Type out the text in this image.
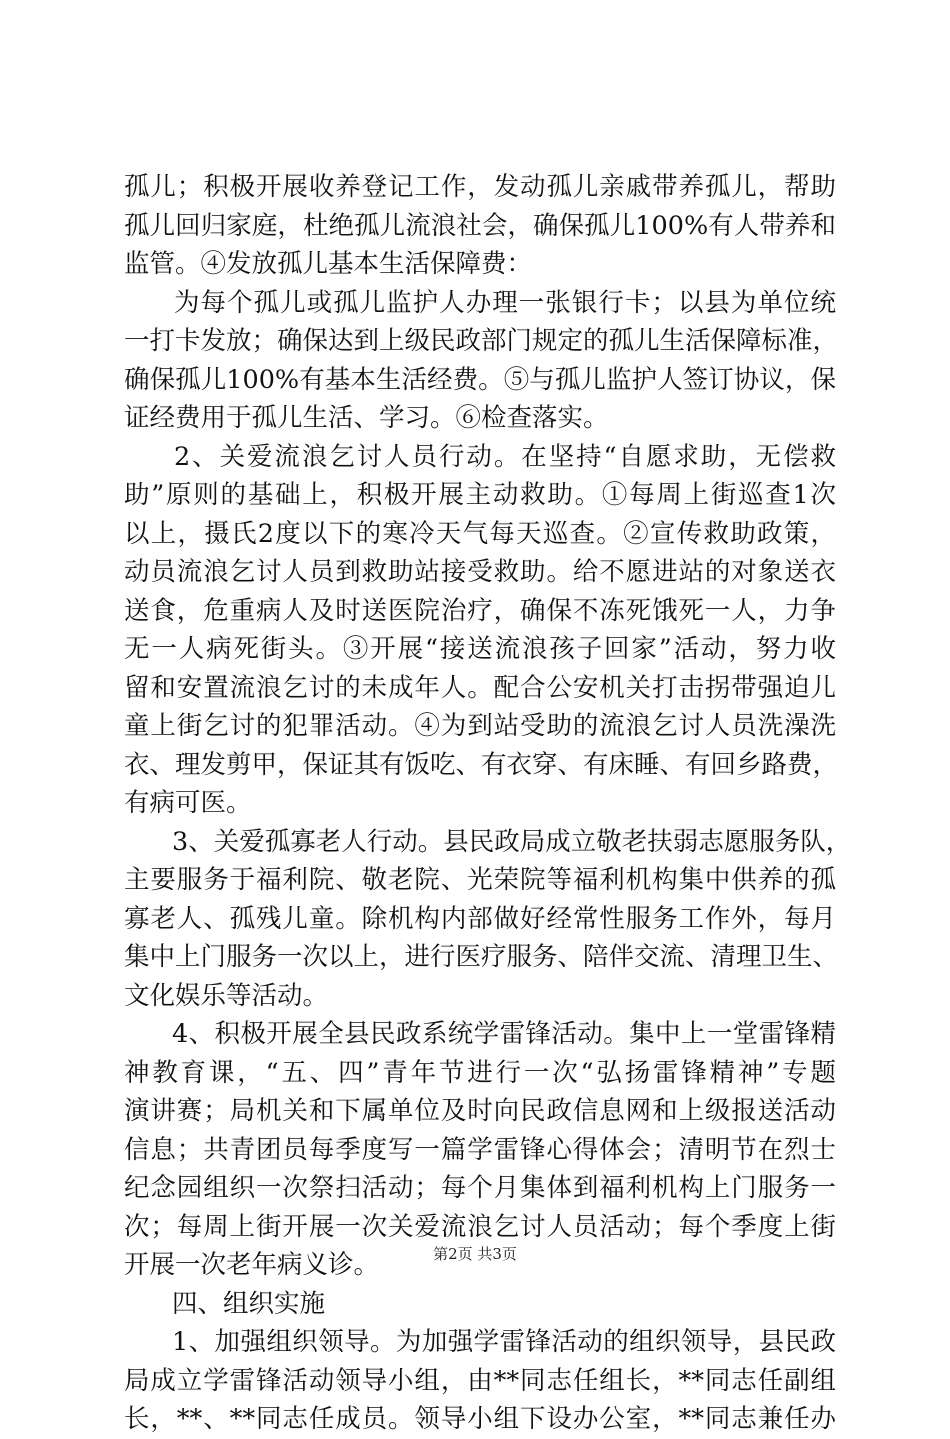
孤儿；积极开展收养登记工作，发动孤儿亲戚带养孤儿，帮助
孤儿回归家庭，杜绝孤儿流浪社会，确保孤儿100%有人带养和
监管。④发放孤儿基本生活保障费：
为每个孤儿或孤儿监护人办理一张银行卡；以县为单位统
一打卡发放；确保达到上级民政部门规定的孤儿生活保障标准，
确保孤儿100%有基本生活经费。⑤与孤儿监护人签订协议，保
证经费用于孤儿生活、学习。⑥检查落实。
2、关爱流浪乞讨人员行动。在坚持“自愿求助，无偿救
助”原则的基础上，积极开展主动救助。①每周上街巡查1次
以上，摄氏2度以下的寒冷天气每天巡查。②宣传救助政策，
动员流浪乞讨人员到救助站接受救助。给不愿进站的对象送衣
送食，危重病人及时送医院治疗，确保不冻死饿死一人，力争
无一人病死街头。③开展“接送流浪孩子回家”活动，努力收
留和安置流浪乞讨的未成年人。配合公安机关打击拐带强迫儿
童上街乞讨的犯罪活动。④为到站受助的流浪乞讨人员洗澡洗
衣、理发剪甲，保证其有饭吃、有衣穿、有床睡、有回乡路费，
有病可医。
3、关爱孤寡老人行动。县民政局成立敬老扶弱志愿服务队，
主要服务于福利院、敬老院、光荣院等福利机构集中供养的孤
寡老人、孤残儿童。除机构内部做好经常性服务工作外，每月
集中上门服务一次以上，进行医疗服务、陪伴交流、清理卫生、
文化娱乐等活动。
4、积极开展全县民政系统学雷锋活动。集中上一堂雷锋精
神教育课，“五、四”青年节进行一次“弘扬雷锋精神”专题
演讲赛；局机关和下属单位及时向民政信息网和上级报送活动
信息；共青团员每季度写一篇学雷锋心得体会；清明节在烈士
纪念园组织一次祭扫活动；每个月集体到福利机构上门服务一
次；每周上街开展一次关爱流浪乞讨人员活动；每个季度上街
开展一次老年病义诊。
四、组织实施
1、加强组织领导。为加强学雷锋活动的组织领导，县民政
局成立学雷锋活动领导小组，由**同志任组长，**同志任副组
长，**、**同志任成员。领导小组下设办公室，**同志兼任办
第2页 共3页
